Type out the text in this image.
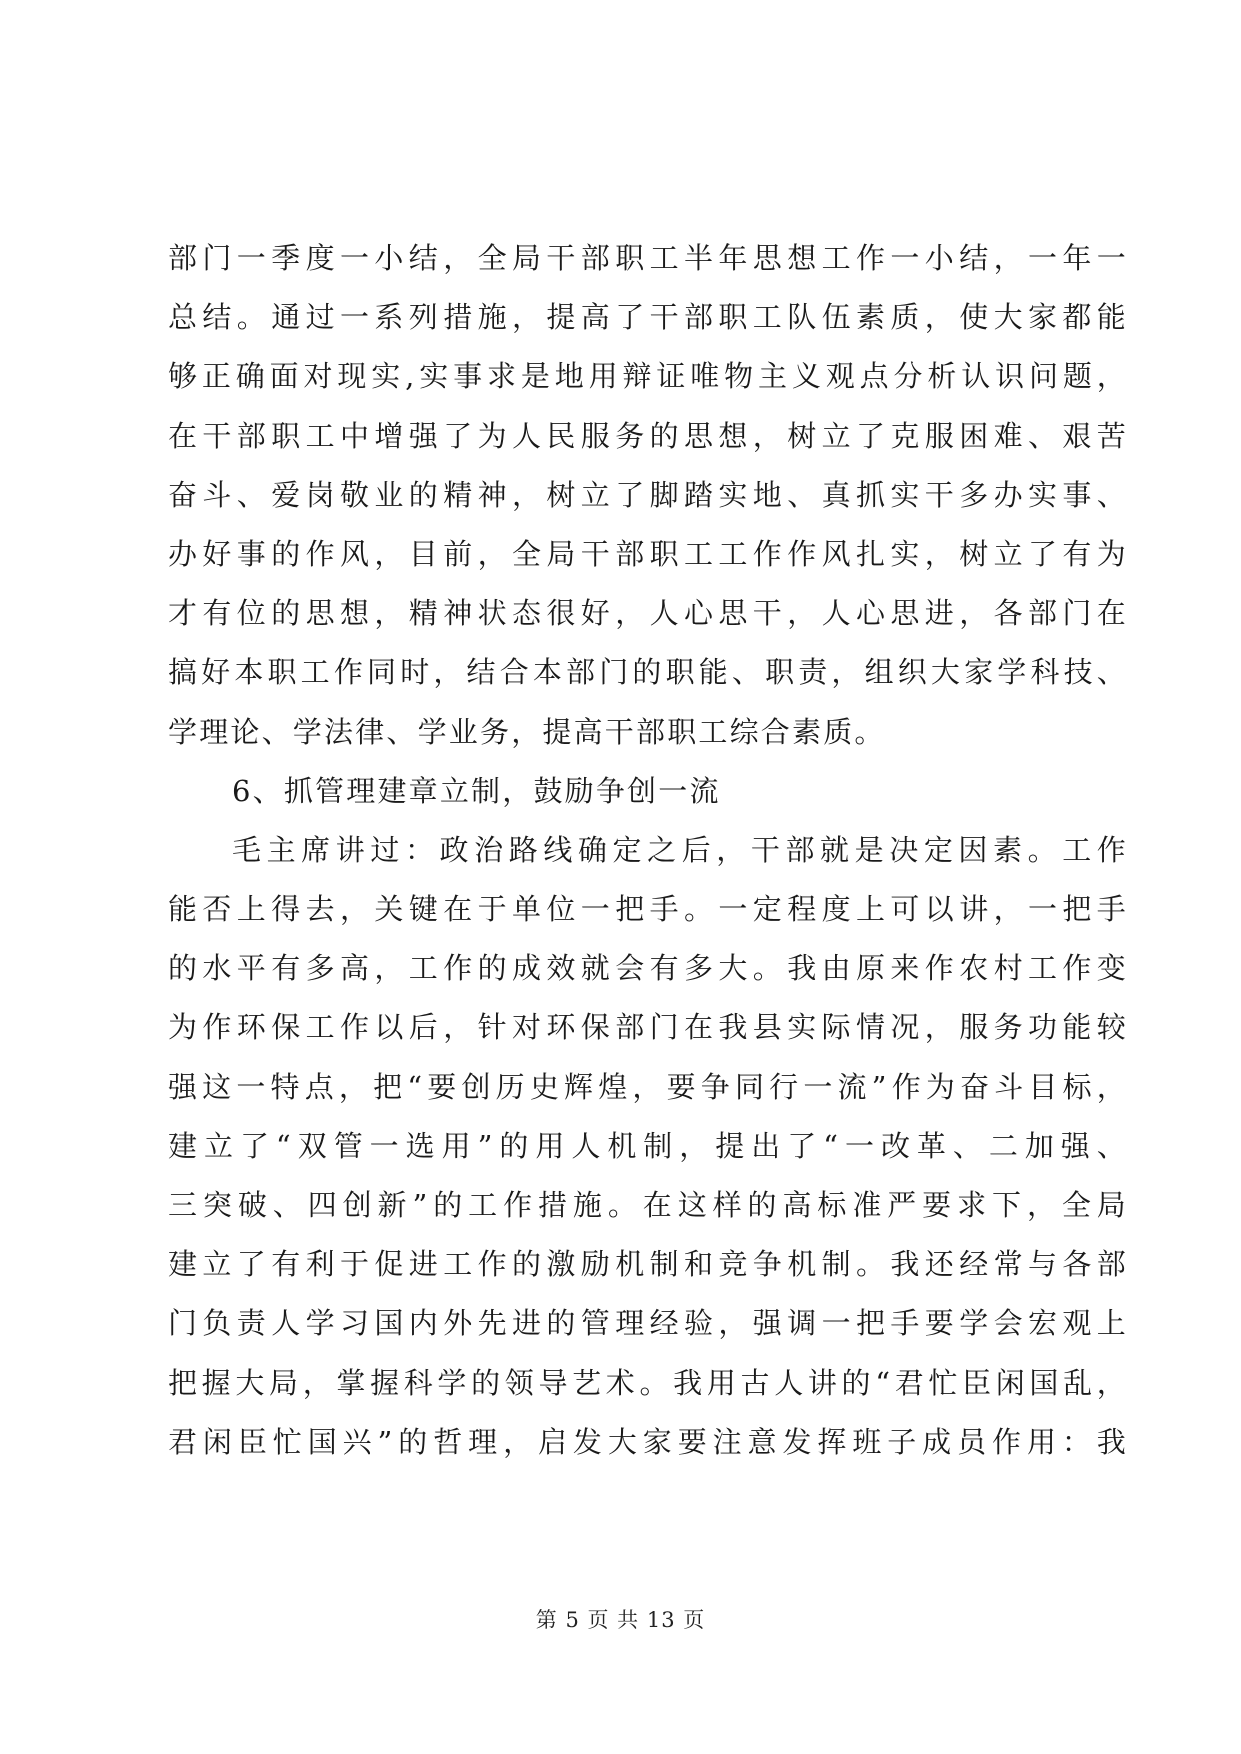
部门一季度一小结，全局干部职工半年思想工作一小结，一年一
总结。通过一系列措施，提高了干部职工队伍素质，使大家都能
够正确面对现实,实事求是地用辩证唯物主义观点分析认识问题，
在干部职工中增强了为人民服务的思想，树立了克服困难、艰苦
奋斗、爱岗敬业的精神，树立了脚踏实地、真抓实干多办实事、
办好事的作风，目前，全局干部职工工作作风扎实，树立了有为
才有位的思想，精神状态很好，人心思干，人心思进，各部门在
搞好本职工作同时，结合本部门的职能、职责，组织大家学科技、
学理论、学法律、学业务，提高干部职工综合素质。
6、抓管理建章立制，鼓励争创一流
毛主席讲过：政治路线确定之后，干部就是决定因素。工作
能否上得去，关键在于单位一把手。一定程度上可以讲，一把手
的水平有多高，工作的成效就会有多大。我由原来作农村工作变
为作环保工作以后，针对环保部门在我县实际情况，服务功能较
强这一特点，把“要创历史辉煌，要争同行一流”作为奋斗目标，
建立了“双管一选用”的用人机制，提出了“一改革、二加强、
三突破、四创新”的工作措施。在这样的高标准严要求下，全局
建立了有利于促进工作的激励机制和竞争机制。我还经常与各部
门负责人学习国内外先进的管理经验，强调一把手要学会宏观上
把握大局，掌握科学的领导艺术。我用古人讲的“君忙臣闲国乱，
君闲臣忙国兴”的哲理，启发大家要注意发挥班子成员作用：我
第 5 页 共 13 页
